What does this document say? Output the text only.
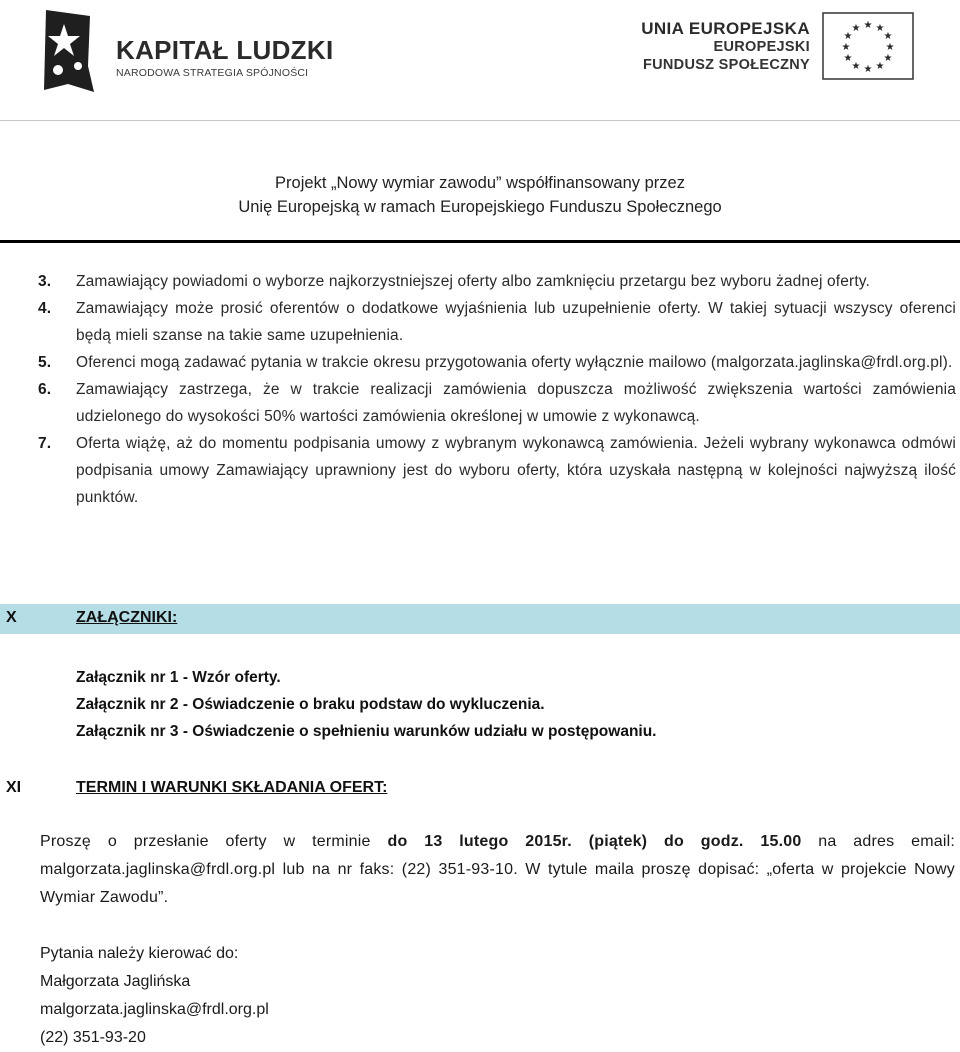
KAPITAŁ LUDZKI
NARODOWA STRATEGIA SPÓJNOŚCI
UNIA EUROPEJSKA
EUROPEJSKI
FUNDUSZ SPOŁECZNY
★ ★
★
★
★
★
★
★
★
★
★
★
Projekt „Nowy wymiar zawodu” współfinansowany przez
Unię Europejską w ramach Europejskiego Funduszu Społecznego
3. Zamawiający powiadomi o wyborze najkorzystniejszej oferty albo zamknięciu przetargu bez wyboru żadnej oferty.
4. Zamawiający może prosić oferentów o dodatkowe wyjaśnienia lub uzupełnienie oferty. W takiej sytuacji wszyscy oferenci będą mieli szanse na takie same uzupełnienia.
5. Oferenci mogą zadawać pytania w trakcie okresu przygotowania oferty wyłącznie mailowo (malgorzata.jaglinska@frdl.org.pl).
6. Zamawiający zastrzega, że w trakcie realizacji zamówienia dopuszcza możliwość zwiększenia wartości zamówienia udzielonego do wysokości 50% wartości zamówienia określonej w umowie z wykonawcą.
7. Oferta wiążę, aż do momentu podpisania umowy z wybranym wykonawcą zamówienia. Jeżeli wybrany wykonawca odmówi podpisania umowy Zamawiający uprawniony jest do wyboru oferty, która uzyskała następną w kolejności najwyższą ilość punktów.
X	ZAŁĄCZNIKI:
Załącznik nr 1 - Wzór oferty.
Załącznik nr 2 - Oświadczenie o braku podstaw do wykluczenia.
Załącznik nr 3 - Oświadczenie o spełnieniu warunków udziału w postępowaniu.
XI	TERMIN I WARUNKI SKŁADANIA OFERT:
Proszę o przesłanie oferty w terminie do 13 lutego 2015r. (piątek) do godz. 15.00 na adres email: malgorzata.jaglinska@frdl.org.pl lub na nr faks: (22) 351-93-10. W tytule maila proszę dopisać: „oferta w projekcie Nowy Wymiar Zawodu”.
Pytania należy kierować do:
Małgorzata Jaglińska
malgorzata.jaglinska@frdl.org.pl
(22) 351-93-20
